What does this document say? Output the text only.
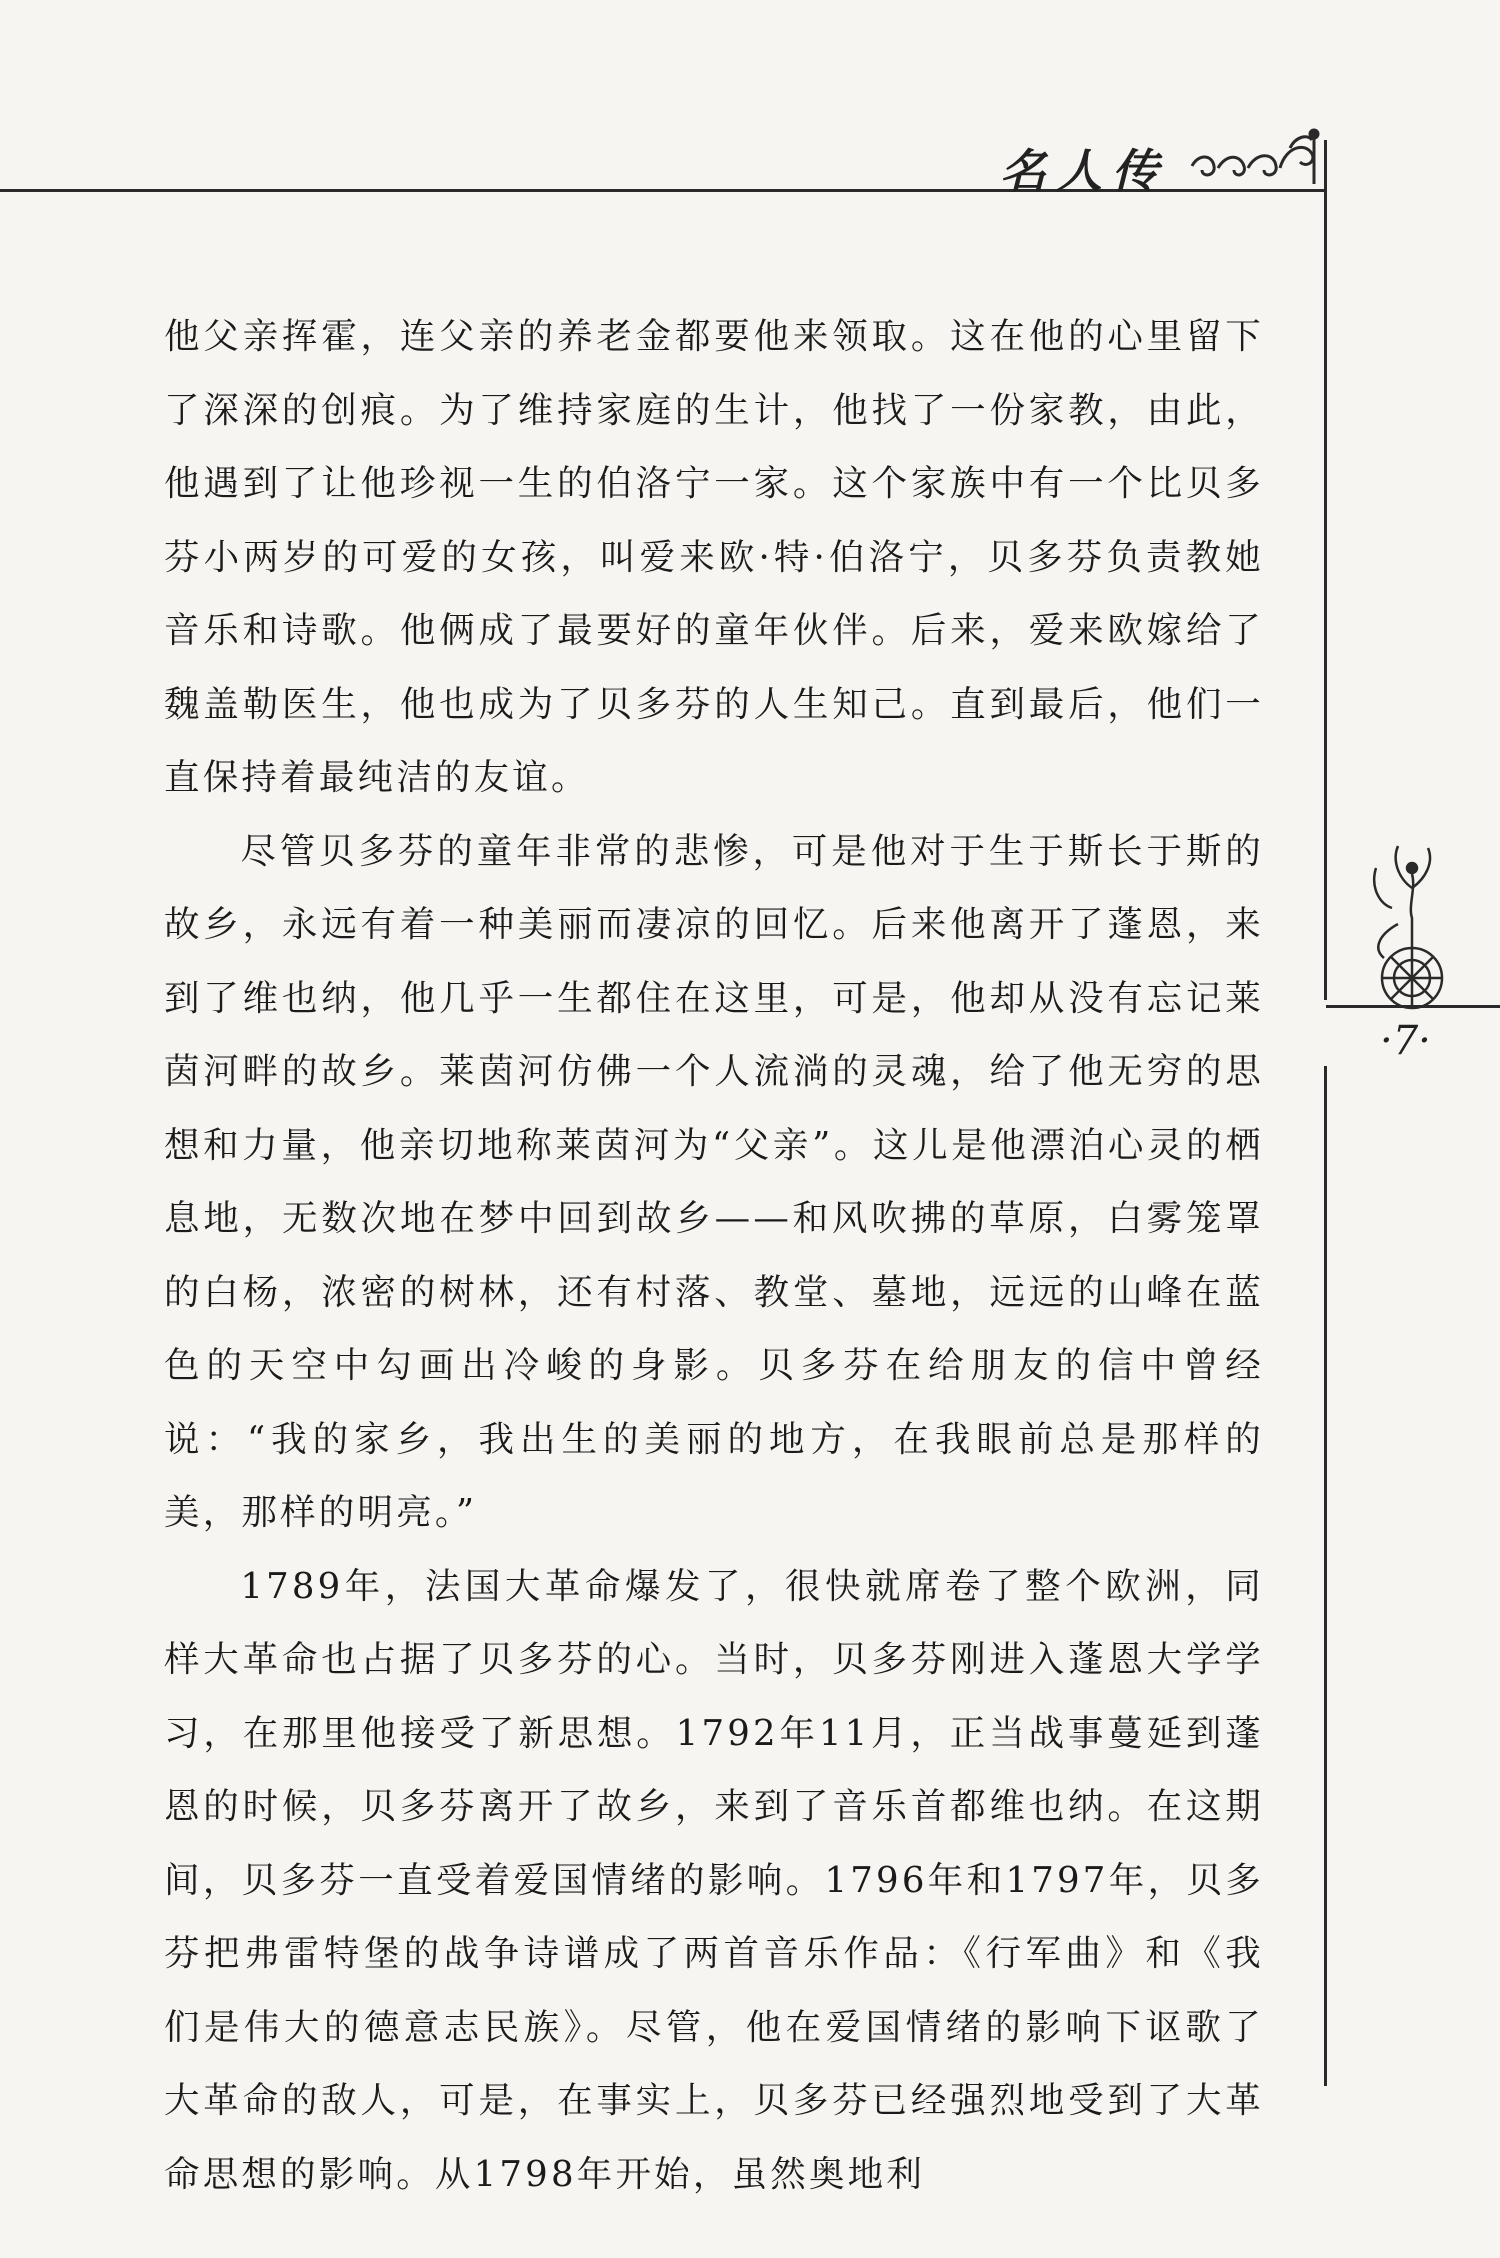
名人传
·7·

他父亲挥霍，连父亲的养老金都要他来领取。这在他的心里留下了深深的创痕。为了维持家庭的生计，他找了一份家教，由此，他遇到了让他珍视一生的伯洛宁一家。这个家族中有一个比贝多芬小两岁的可爱的女孩，叫爱来欧·特·伯洛宁，贝多芬负责教她音乐和诗歌。他俩成了最要好的童年伙伴。后来，爱来欧嫁给了魏盖勒医生，他也成为了贝多芬的人生知己。直到最后，他们一直保持着最纯洁的友谊。

尽管贝多芬的童年非常的悲惨，可是他对于生于斯长于斯的故乡，永远有着一种美丽而凄凉的回忆。后来他离开了蓬恩，来到了维也纳，他几乎一生都住在这里，可是，他却从没有忘记莱茵河畔的故乡。莱茵河仿佛一个人流淌的灵魂，给了他无穷的思想和力量，他亲切地称莱茵河为“父亲”。这儿是他漂泊心灵的栖息地，无数次地在梦中回到故乡——和风吹拂的草原，白雾笼罩的白杨，浓密的树林，还有村落、教堂、墓地，远远的山峰在蓝色的天空中勾画出冷峻的身影。贝多芬在给朋友的信中曾经说：“我的家乡，我出生的美丽的地方，在我眼前总是那样的美，那样的明亮。”

1789年，法国大革命爆发了，很快就席卷了整个欧洲，同样大革命也占据了贝多芬的心。当时，贝多芬刚进入蓬恩大学学习，在那里他接受了新思想。1792年11月，正当战事蔓延到蓬恩的时候，贝多芬离开了故乡，来到了音乐首都维也纳。在这期间，贝多芬一直受着爱国情绪的影响。1796年和1797年，贝多芬把弗雷特堡的战争诗谱成了两首音乐作品：《行军曲》和《我们是伟大的德意志民族》。尽管，他在爱国情绪的影响下讴歌了大革命的敌人，可是，在事实上，贝多芬已经强烈地受到了大革命思想的影响。从1798年开始，虽然奥地利
